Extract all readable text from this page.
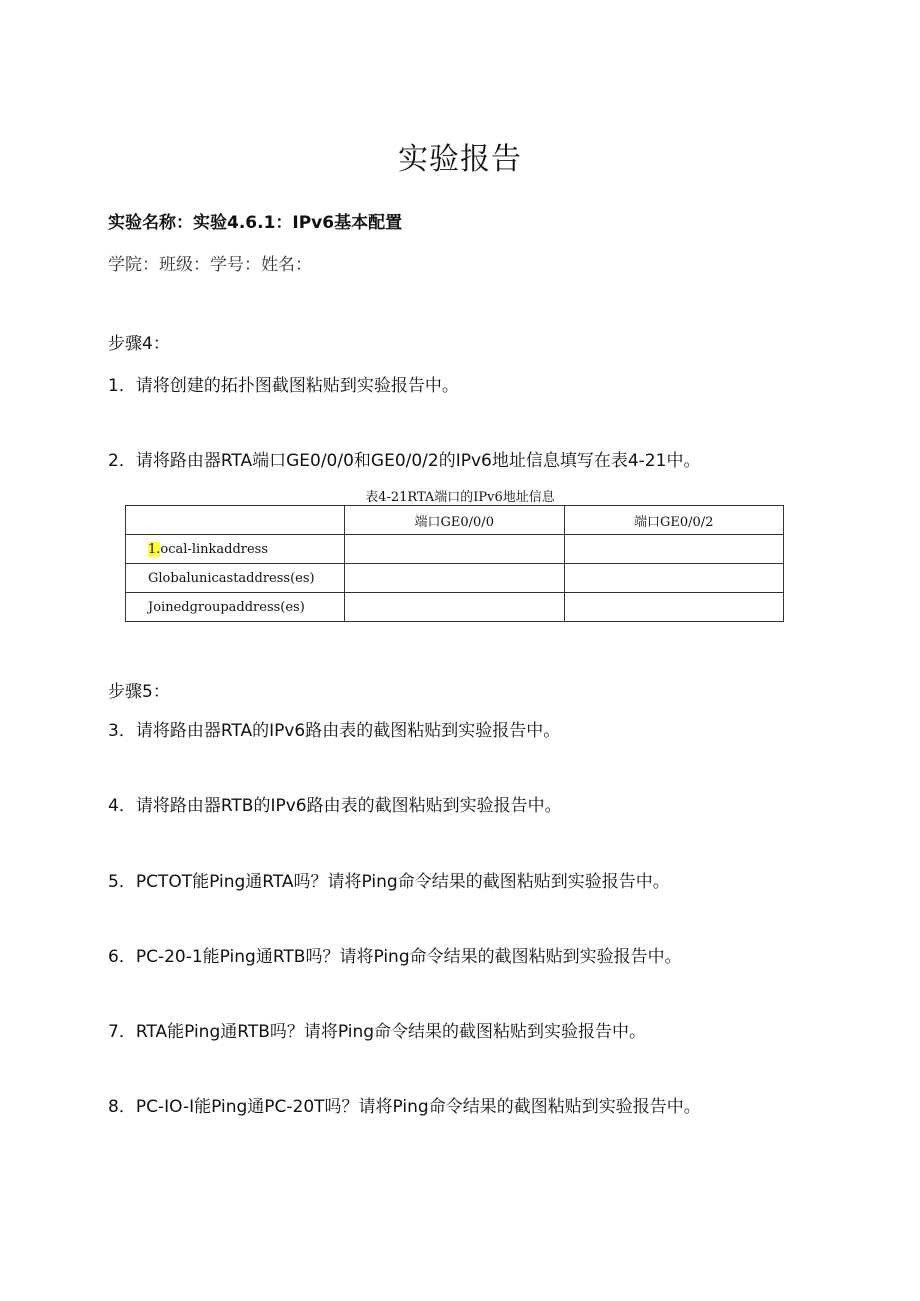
实验报告
实验名称：实验4.6.1：IPv6基本配置
学院：班级：学号：姓名：
步骤4：
1．请将创建的拓扑图截图粘贴到实验报告中。
2．请将路由器RTA端口GE0/0/0和GE0/0/2的IPv6地址信息填写在表4-21中。
表4-21RTA端口的IPv6地址信息
	端口GE0/0/0	端口GE0/0/2
1.ocal-linkaddress		
Globalunicastaddress(es)		
Joinedgroupaddress(es)		
步骤5：
3．请将路由器RTA的IPv6路由表的截图粘贴到实验报告中。
4．请将路由器RTB的IPv6路由表的截图粘贴到实验报告中。
5．PCTOT能Ping通RTA吗？请将Ping命令结果的截图粘贴到实验报告中。
6．PC-20-1能Ping通RTB吗？请将Ping命令结果的截图粘贴到实验报告中。
7．RTA能Ping通RTB吗？请将Ping命令结果的截图粘贴到实验报告中。
8．PC-IO-I能Ping通PC-20T吗？请将Ping命令结果的截图粘贴到实验报告中。
